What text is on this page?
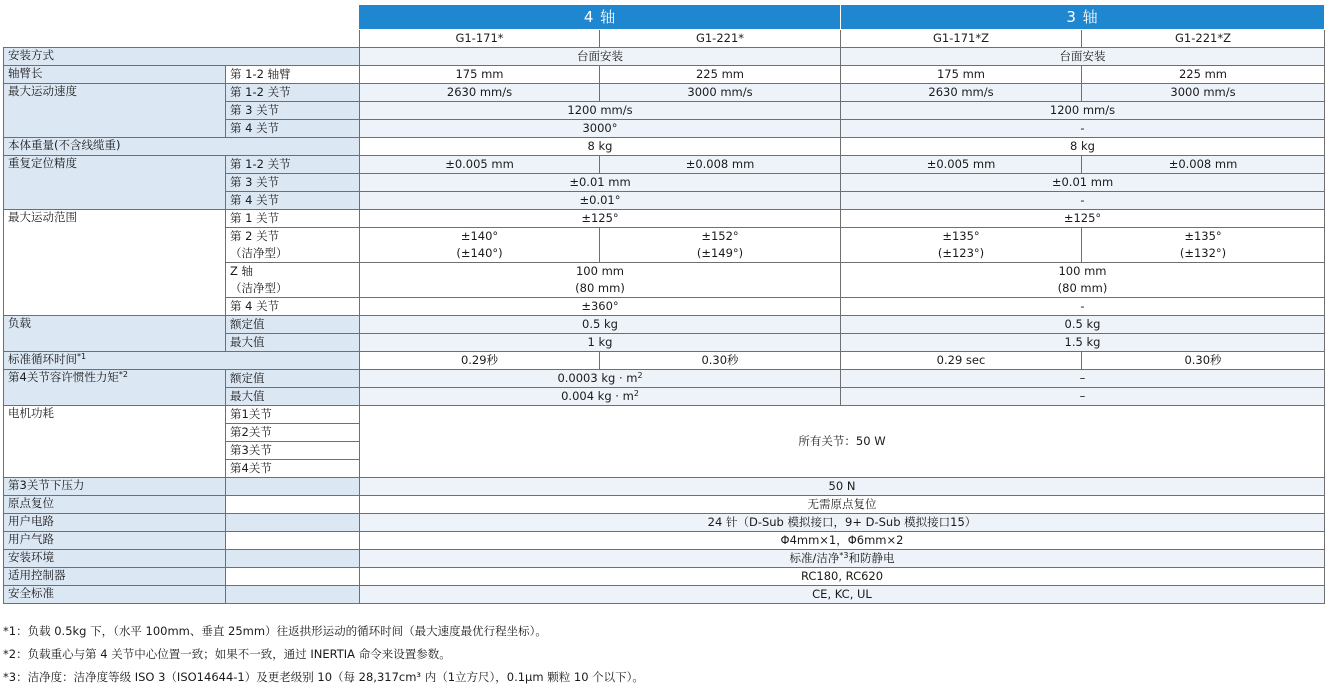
		4 轴		3 轴	
		G1-171*	G1-221*	G1-171*Z	G1-221*Z
安装方式		台面安装		台面安装	
轴臂长	第 1-2 轴臂	175 mm	225 mm	175 mm	225 mm
最大运动速度	第 1-2 关节	2630 mm/s	3000 mm/s	2630 mm/s	3000 mm/s
	第 3 关节	1200 mm/s		1200 mm/s	
	第 4 关节	3000°		-	
本体重量(不含线缆重)		8 kg		8 kg	
重复定位精度	第 1-2 关节	±0.005 mm	±0.008 mm	±0.005 mm	±0.008 mm
	第 3 关节	±0.01 mm		±0.01 mm	
	第 4 关节	±0.01°		-	
最大运动范围	第 1 关节	±125°		±125°	
	第 2 关节	±140°	±152°	±135°	±135°
	（洁净型）	(±140°)	(±149°)	(±123°)	(±132°)
	Z 轴	100 mm		100 mm	
	（洁净型）	(80 mm)		(80 mm)	
	第 4 关节	±360°		-	
负载	额定值	0.5 kg		0.5 kg	
	最大值	1 kg		1.5 kg	
标准循环时间$^{*1}$		0.29秒	0.30秒	0.29 sec	0.30秒
第4关节容许惯性力矩$^{*2}$	额定值	0.0003 kg · $m^2$		–	
	最大值	0.004 kg · $m^2$		–	
电机功耗	第1关节	所有关节：50 W			
	第2关节				
	第3关节				
	第4关节				
第3关节下压力		50 N			
原点复位		无需原点复位			
用户电路		24 针（D-Sub 模拟接口，9+ D-Sub 模拟接口15）			
用户气路		Φ4mm×1，Φ6mm×2			
安装环境		标准/洁净$^{*3}$和防静电			
适用控制器		RC180, RC620			
安全标准		CE, KC, UL			
*1：负载 0.5kg 下，（水平 100mm、垂直 25mm）往返拱形运动的循环时间（最大速度最优行程坐标）。
*2：负载重心与第 4 关节中心位置一致；如果不一致，通过 INERTIA 命令来设置参数。
*3：洁净度：洁净度等级 ISO 3（ISO14644-1）及更老级别 10（每 28,317cm³ 内（1立方尺），0.1μm 颗粒 10 个以下）。
